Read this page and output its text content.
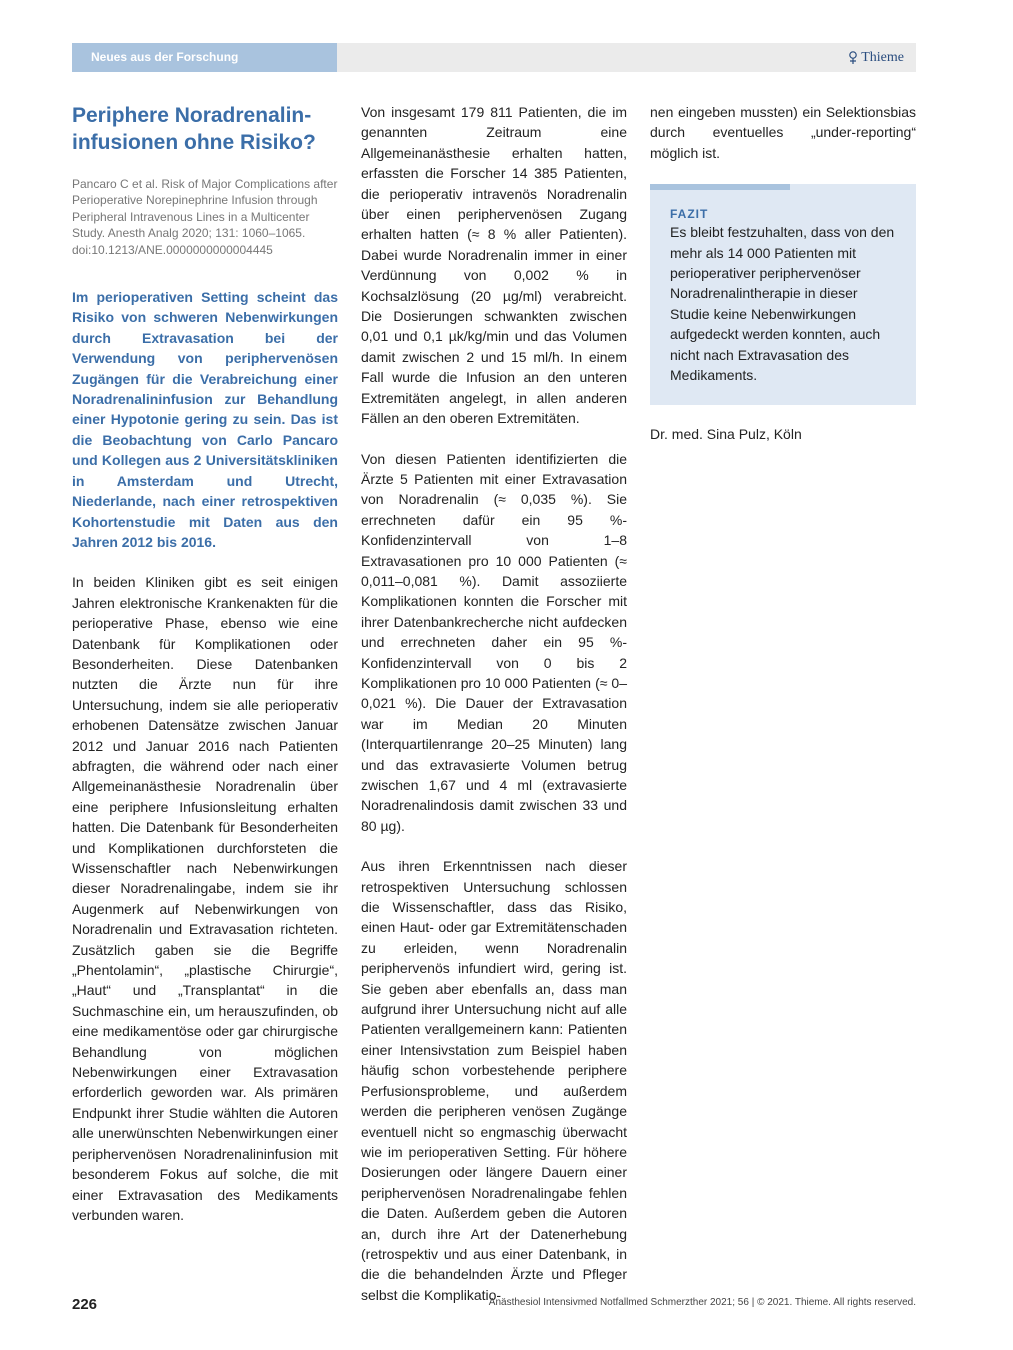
Neues aus der Forschung	Thieme
Periphere Noradrenalininfusionen ohne Risiko?
Pancaro C et al. Risk of Major Complications after Perioperative Norepinephrine Infusion through Peripheral Intravenous Lines in a Multicenter Study. Anesth Analg 2020; 131: 1060–1065. doi:10.1213/ANE.0000000000004445

Im perioperativen Setting scheint das Risiko von schweren Nebenwirkungen durch Extravasation bei der Verwendung von periphervenösen Zugängen für die Verabreichung einer Noradrenalininfusion zur Behandlung einer Hypotonie gering zu sein. Das ist die Beobachtung von Carlo Pancaro und Kollegen aus 2 Universitätskliniken in Amsterdam und Utrecht, Niederlande, nach einer retrospektiven Kohortenstudie mit Daten aus den Jahren 2012 bis 2016.

In beiden Kliniken gibt es seit einigen Jahren elektronische Krankenakten für die perioperative Phase, ebenso wie eine Datenbank für Komplikationen oder Besonderheiten. Diese Datenbanken nutzten die Ärzte nun für ihre Untersuchung, indem sie alle perioperativ erhobenen Datensätze zwischen Januar 2012 und Januar 2016 nach Patienten abfragten, die während oder nach einer Allgemeinanästhesie Noradrenalin über eine periphere Infusionsleitung erhalten hatten. Die Datenbank für Besonderheiten und Komplikationen durchforsteten die Wissenschaftler nach Nebenwirkungen dieser Noradrenalingabe, indem sie ihr Augenmerk auf Nebenwirkungen von Noradrenalin und Extravasation richteten. Zusätzlich gaben sie die Begriffe „Phentolamin“, „plastische Chirurgie“, „Haut“ und „Transplantat“ in die Suchmaschine ein, um herauszufinden, ob eine medikamentöse oder gar chirurgische Behandlung von möglichen Nebenwirkungen einer Extravasation erforderlich geworden war. Als primären Endpunkt ihrer Studie wählten die Autoren alle unerwünschten Nebenwirkungen einer periphervenösen Noradrenalininfusion mit besonderem Fokus auf solche, die mit einer Extravasation des Medikaments verbunden waren.

Von insgesamt 179 811 Patienten, die im genannten Zeitraum eine Allgemeinanästhesie erhalten hatten, erfassten die Forscher 14 385 Patienten, die perioperativ intravenös Noradrenalin über einen periphervenösen Zugang erhalten hatten (≈ 8 % aller Patienten). Dabei wurde Noradrenalin immer in einer Verdünnung von 0,002 % in Kochsalzlösung (20 µg/ml) verabreicht. Die Dosierungen schwankten zwischen 0,01 und 0,1 µk/kg/min und das Volumen damit zwischen 2 und 15 ml/h. In einem Fall wurde die Infusion an den unteren Extremitäten angelegt, in allen anderen Fällen an den oberen Extremitäten.

Von diesen Patienten identifizierten die Ärzte 5 Patienten mit einer Extravasation von Noradrenalin (≈ 0,035 %). Sie errechneten dafür ein 95 %-Konfidenzintervall von 1–8 Extravasationen pro 10 000 Patienten (≈ 0,011–0,081 %). Damit assoziierte Komplikationen konnten die Forscher mit ihrer Datenbankrecherche nicht aufdecken und errechneten daher ein 95 %-Konfidenzintervall von 0 bis 2 Komplikationen pro 10 000 Patienten (≈ 0–0,021 %). Die Dauer der Extravasation war im Median 20 Minuten (Interquartilenrange 20–25 Minuten) lang und das extravasierte Volumen betrug zwischen 1,67 und 4 ml (extravasierte Noradrenalindosis damit zwischen 33 und 80 µg).

Aus ihren Erkenntnissen nach dieser retrospektiven Untersuchung schlossen die Wissenschaftler, dass das Risiko, einen Haut- oder gar Extremitätenschaden zu erleiden, wenn Noradrenalin periphervenös infundiert wird, gering ist. Sie geben aber ebenfalls an, dass man aufgrund ihrer Untersuchung nicht auf alle Patienten verallgemeinern kann: Patienten einer Intensivstation zum Beispiel haben häufig schon vorbestehende periphere Perfusionsprobleme, und außerdem werden die peripheren venösen Zugänge eventuell nicht so engmaschig überwacht wie im perioperativen Setting. Für höhere Dosierungen oder längere Dauern einer periphervenösen Noradrenalingabe fehlen die Daten. Außerdem geben die Autoren an, durch ihre Art der Datenerhebung (retrospektiv und aus einer Datenbank, in die die behandelnden Ärzte und Pfleger selbst die Komplikatio-

nen eingeben mussten) ein Selektionsbias durch eventuelles „under-reporting“ möglich ist.

FAZIT
Es bleibt festzuhalten, dass von den mehr als 14 000 Patienten mit perioperativer periphervenöser Noradrenalintherapie in dieser Studie keine Nebenwirkungen aufgedeckt werden konnten, auch nicht nach Extravasation des Medikaments.

Dr. med. Sina Pulz, Köln

226	Anästhesiol Intensivmed Notfallmed Schmerzther 2021; 56 | © 2021. Thieme. All rights reserved.
